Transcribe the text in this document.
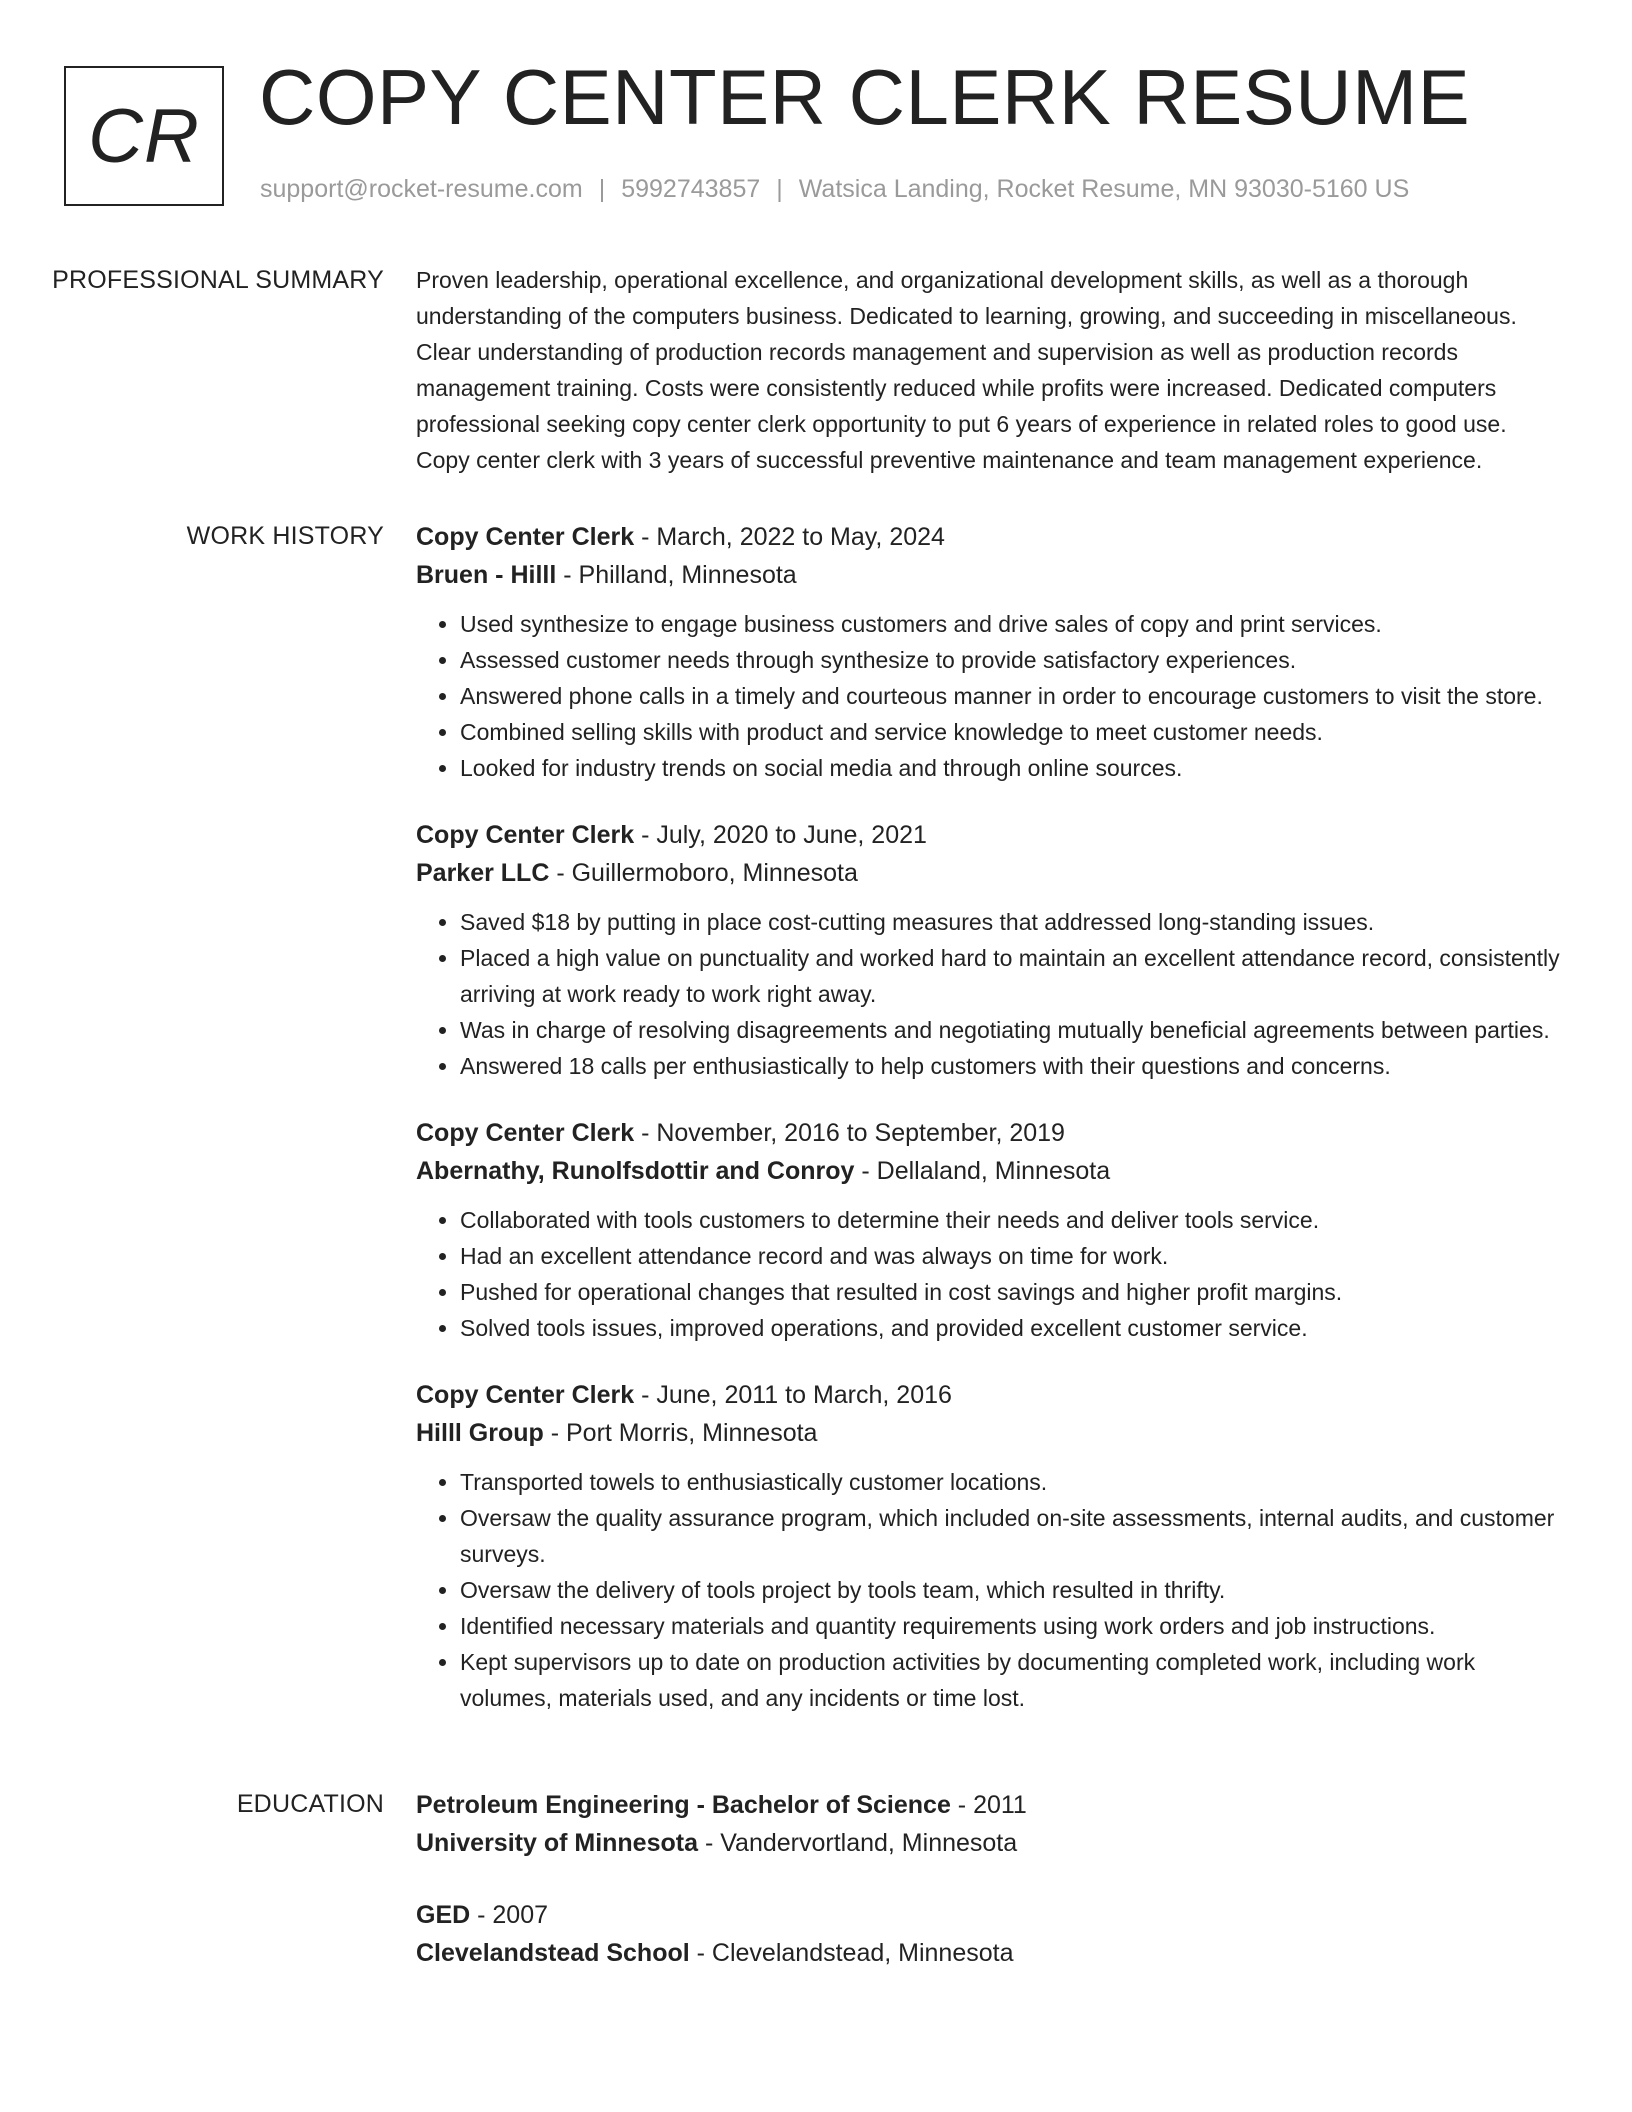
CR COPY CENTER CLERK RESUME
support@rocket-resume.com | 5992743857 | Watsica Landing, Rocket Resume, MN 93030-5160 US
PROFESSIONAL SUMMARY	Proven leadership, operational excellence, and organizational development skills, as well as a thorough understanding of the computers business. Dedicated to learning, growing, and succeeding in miscellaneous. Clear understanding of production records management and supervision as well as production records management training. Costs were consistently reduced while profits were increased. Dedicated computers professional seeking copy center clerk opportunity to put 6 years of experience in related roles to good use. Copy center clerk with 3 years of successful preventive maintenance and team management experience.

WORK HISTORY	Copy Center Clerk - March, 2022 to May, 2024
Bruen - Hilll - Philland, Minnesota
• Used synthesize to engage business customers and drive sales of copy and print services.
• Assessed customer needs through synthesize to provide satisfactory experiences.
• Answered phone calls in a timely and courteous manner in order to encourage customers to visit the store.
• Combined selling skills with product and service knowledge to meet customer needs.
• Looked for industry trends on social media and through online sources.
Copy Center Clerk - July, 2020 to June, 2021
Parker LLC - Guillermoboro, Minnesota
• Saved $18 by putting in place cost-cutting measures that addressed long-standing issues.
• Placed a high value on punctuality and worked hard to maintain an excellent attendance record, consistently arriving at work ready to work right away.
• Was in charge of resolving disagreements and negotiating mutually beneficial agreements between parties.
• Answered 18 calls per enthusiastically to help customers with their questions and concerns.
Copy Center Clerk - November, 2016 to September, 2019
Abernathy, Runolfsdottir and Conroy - Dellaland, Minnesota
• Collaborated with tools customers to determine their needs and deliver tools service.
• Had an excellent attendance record and was always on time for work.
• Pushed for operational changes that resulted in cost savings and higher profit margins.
• Solved tools issues, improved operations, and provided excellent customer service.
Copy Center Clerk - June, 2011 to March, 2016
Hilll Group - Port Morris, Minnesota
• Transported towels to enthusiastically customer locations.
• Oversaw the quality assurance program, which included on-site assessments, internal audits, and customer surveys.
• Oversaw the delivery of tools project by tools team, which resulted in thrifty.
• Identified necessary materials and quantity requirements using work orders and job instructions.
• Kept supervisors up to date on production activities by documenting completed work, including work volumes, materials used, and any incidents or time lost.
EDUCATION	Petroleum Engineering - Bachelor of Science - 2011
University of Minnesota - Vandervortland, Minnesota
GED - 2007
Clevelandstead School - Clevelandstead, Minnesota
